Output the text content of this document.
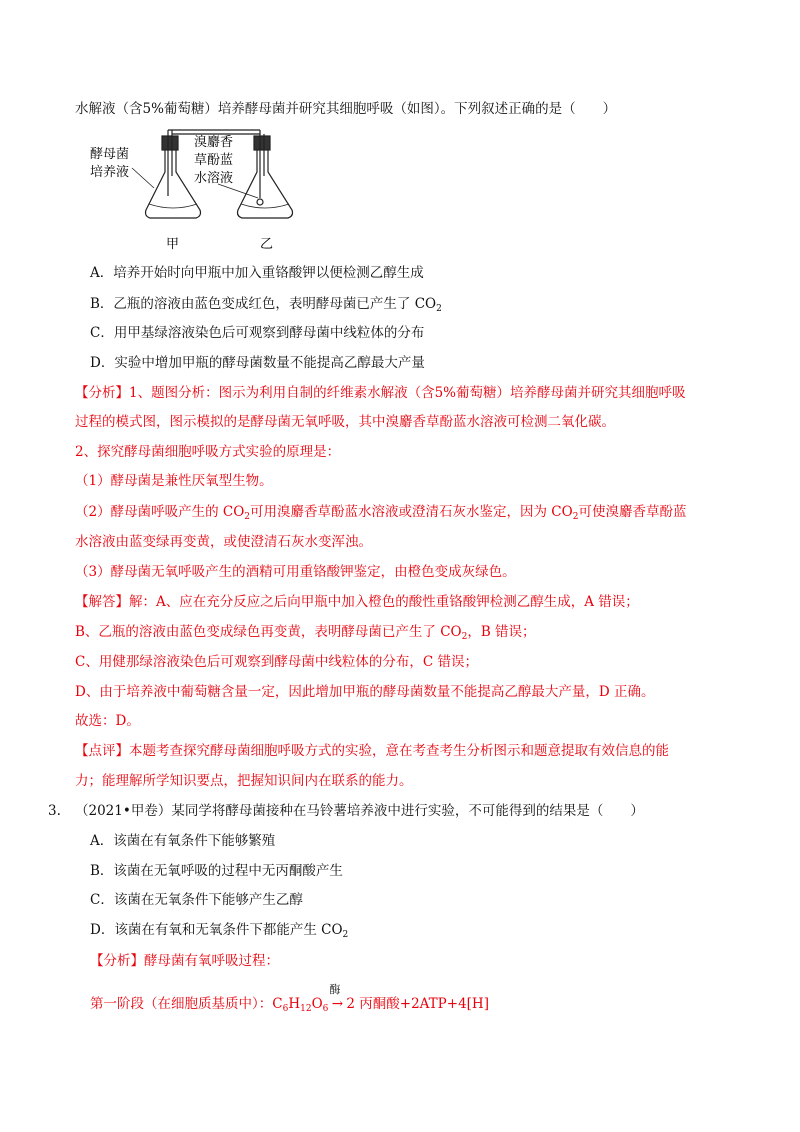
水解液（含5%葡萄糖）培养酵母菌并研究其细胞呼吸（如图）。下列叙述正确的是（　　）
酵母菌
培养液
溴麝香
草酚蓝
水溶液
甲	乙
A．培养开始时向甲瓶中加入重铬酸钾以便检测乙醇生成
B．乙瓶的溶液由蓝色变成红色，表明酵母菌已产生了 $CO_2$
C．用甲基绿溶液染色后可观察到酵母菌中线粒体的分布
D．实验中增加甲瓶的酵母菌数量不能提高乙醇最大产量
【分析】1、题图分析：图示为利用自制的纤维素水解液（含5%葡萄糖）培养酵母菌并研究其细胞呼吸
过程的模式图，图示模拟的是酵母菌无氧呼吸，其中溴麝香草酚蓝水溶液可检测二氧化碳。
2、探究酵母菌细胞呼吸方式实验的原理是：
（1）酵母菌是兼性厌氧型生物。
（2）酵母菌呼吸产生的 $CO_2$可用溴麝香草酚蓝水溶液或澄清石灰水鉴定，因为 $CO_2$可使溴麝香草酚蓝
水溶液由蓝变绿再变黄，或使澄清石灰水变浑浊。
（3）酵母菌无氧呼吸产生的酒精可用重铬酸钾鉴定，由橙色变成灰绿色。
【解答】解：A、应在充分反应之后向甲瓶中加入橙色的酸性重铬酸钾检测乙醇生成，A 错误；
B、乙瓶的溶液由蓝色变成绿色再变黄，表明酵母菌已产生了 $CO_2$，B 错误；
C、用健那绿溶液染色后可观察到酵母菌中线粒体的分布，C 错误；
D、由于培养液中葡萄糖含量一定，因此增加甲瓶的酵母菌数量不能提高乙醇最大产量，D 正确。
故选：D。
【点评】本题考查探究酵母菌细胞呼吸方式的实验，意在考查考生分析图示和题意提取有效信息的能
力；能理解所学知识要点，把握知识间内在联系的能力。
3. （2021•甲卷）某同学将酵母菌接种在马铃薯培养液中进行实验，不可能得到的结果是（　　）
A．该菌在有氧条件下能够繁殖
B．该菌在无氧呼吸的过程中无丙酮酸产生
C．该菌在无氧条件下能够产生乙醇
D．该菌在有氧和无氧条件下都能产生 $CO_2$
【分析】酵母菌有氧呼吸过程：
第一阶段（在细胞质基质中）：$C_6H_{12}O_6$
酶
→ 2 丙酮酸+2ATP+4[H]
